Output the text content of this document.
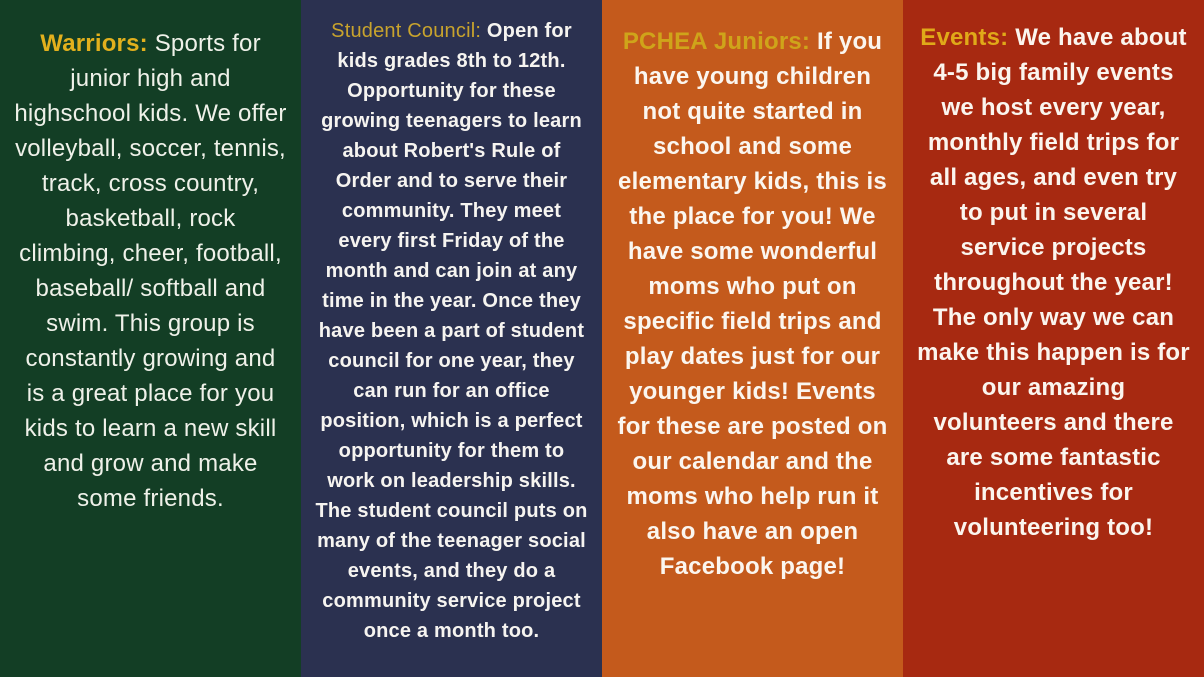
Warriors: Sports for junior high and highschool kids. We offer volleyball, soccer, tennis, track, cross country, basketball, rock climbing, cheer, football, baseball/ softball and swim. This group is constantly growing and is a great place for you kids to learn a new skill and grow and make some friends.

Student Council: Open for kids grades 8th to 12th. Opportunity for these growing teenagers to learn about Robert's Rule of Order and to serve their community. They meet every first Friday of the month and can join at any time in the year. Once they have been a part of student council for one year, they can run for an office position, which is a perfect opportunity for them to work on leadership skills. The student council puts on many of the teenager social events, and they do a community service project once a month too.

PCHEA Juniors: If you have young children not quite started in school and some elementary kids, this is the place for you! We have some wonderful moms who put on specific field trips and play dates just for our younger kids! Events for these are posted on our calendar and the moms who help run it also have an open Facebook page!

Events: We have about 4-5 big family events we host every year, monthly field trips for all ages, and even try to put in several service projects throughout the year! The only way we can make this happen is for our amazing volunteers and there are some fantastic incentives for volunteering too!
